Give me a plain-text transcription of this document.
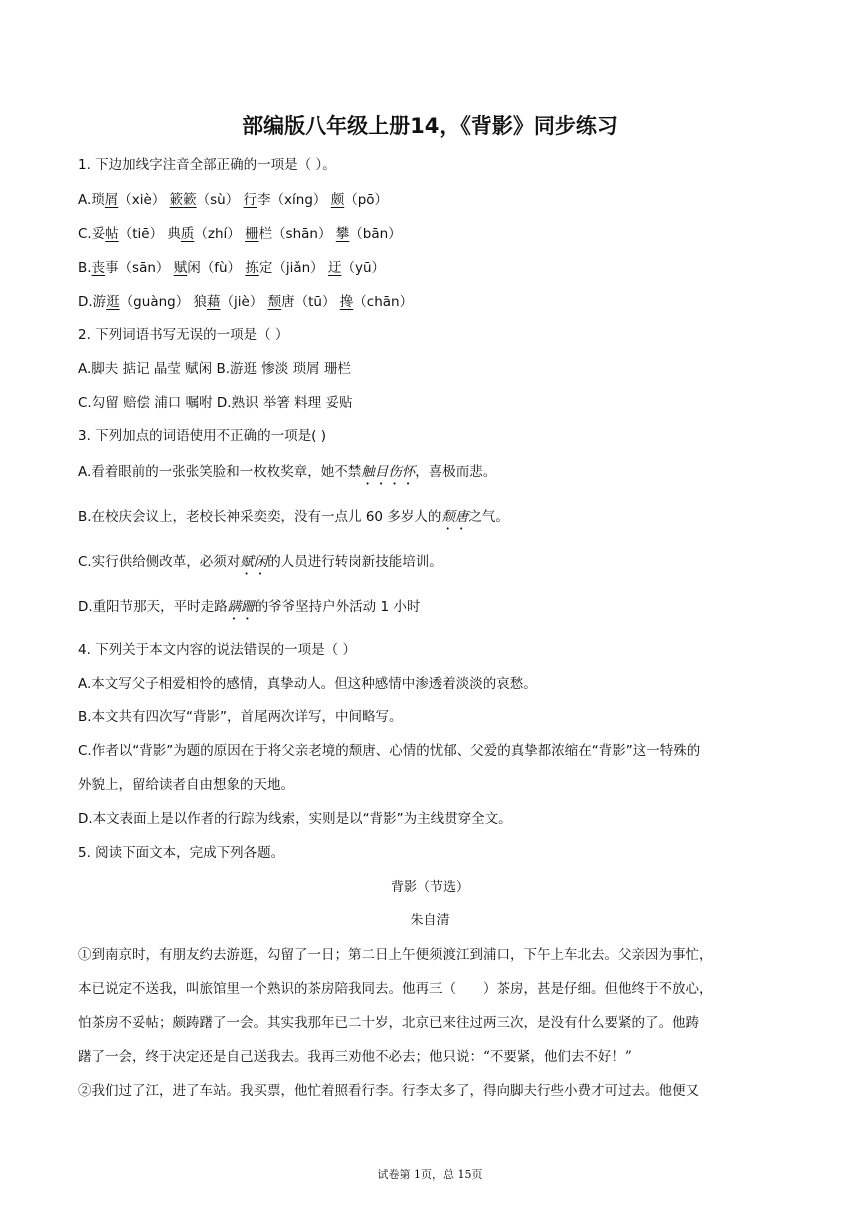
部编版八年级上册14，《背影》同步练习
1. 下边加线字注音全部正确的一项是（ ）。
A.琐屑（xiè） 簌簌（sù） 行李（xíng） 颇（pō）
C.妥帖（tiē） 典质（zhí） 栅栏（shān） 攀（bān）
B.丧事（sān） 赋闲（fù） 拣定（jiǎn） 迂（yū）
D.游逛（guàng） 狼藉（jiè） 颓唐（tū） 搀（chān）
2. 下列词语书写无误的一项是（ ）
A.脚夫 掂记 晶莹 赋闲 B.游逛 惨淡 琐屑 珊栏
C.勾留 赔偿 浦口 嘱咐 D.熟识 举箸 料理 妥贴
3. 下列加点的词语使用不正确的一项是( )
A.看着眼前的一张张笑脸和一枚枚奖章，她不禁触目伤怀，喜极而悲。
B.在校庆会议上，老校长神采奕奕，没有一点儿 60 多岁人的颓唐之气。
C.实行供给侧改革，必须对赋闲的人员进行转岗新技能培训。
D.重阳节那天，平时走路蹒跚的爷爷坚持户外活动 1 小时
4. 下列关于本文内容的说法错误的一项是（ ）
A.本文写父子相爱相怜的感情，真挚动人。但这种感情中渗透着淡淡的哀愁。
B.本文共有四次写“背影”，首尾两次详写，中间略写。
C.作者以“背影”为题的原因在于将父亲老境的颓唐、心情的忧郁、父爱的真挚都浓缩在“背影”这一特殊的
外貌上，留给读者自由想象的天地。
D.本文表面上是以作者的行踪为线索，实则是以“背影”为主线贯穿全文。
5. 阅读下面文本，完成下列各题。
背影（节选）
朱自清
①到南京时，有朋友约去游逛，勾留了一日；第二日上午便须渡江到浦口，下午上车北去。父亲因为事忙，
本已说定不送我，叫旅馆里一个熟识的茶房陪我同去。他再三（　　）茶房，甚是仔细。但他终于不放心，
怕茶房不妥帖；颇踌躇了一会。其实我那年已二十岁，北京已来往过两三次，是没有什么要紧的了。他踌
躇了一会，终于决定还是自己送我去。我再三劝他不必去；他只说：“不要紧，他们去不好！”
②我们过了江，进了车站。我买票，他忙着照看行李。行李太多了，得向脚夫行些小费才可过去。他便又
试卷第 1页，总 15页
